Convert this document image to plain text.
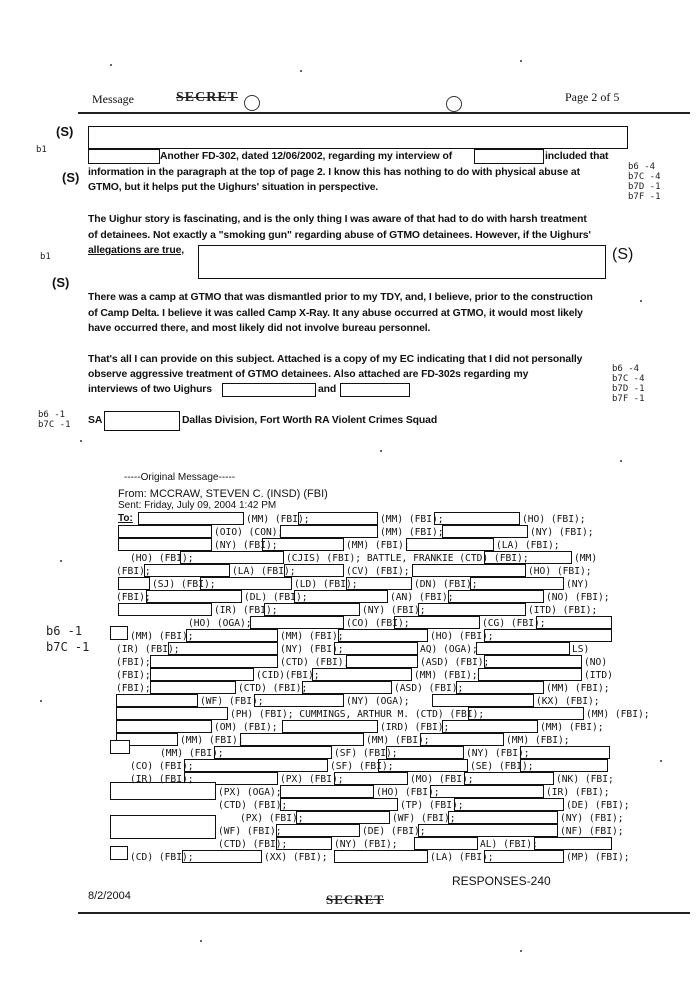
Message	SECRET	Page 2 of 5
(S)
b1
Another FD-302, dated 12/06/2002, regarding my interview of	included that
(S) information in the paragraph at the top of page 2. I know this has nothing to do with physical abuse at
GTMO, but it helps put the Uighurs' situation in perspective.
b6 -4
b7C -4
b7D -1
b7F -1
The Uighur story is fascinating, and is the only thing I was aware of that had to do with harsh treatment
of detainees. Not exactly a "smoking gun" regarding abuse of GTMO detainees. However, if the Uighurs'
allegations are true,
b1	(S)
(S)
There was a camp at GTMO that was dismantled prior to my TDY, and, I believe, prior to the construction
of Camp Delta. I believe it was called Camp X-Ray. It any abuse occurred at GTMO, it would most likely
have occurred there, and most likely did not involve bureau personnel.
That's all I can provide on this subject. Attached is a copy of my EC indicating that I did not personally
observe aggressive treatment of GTMO detainees. Also attached are FD-302s regarding my
interviews of two Uighurs	and
b6 -4
b7C -4
b7D -1
b7F -1
b6 -1
b7C -1 SA	Dallas Division, Fort Worth RA Violent Crimes Squad
-----Original Message-----
From: MCCRAW, STEVEN C. (INSD) (FBI)
Sent: Friday, July 09, 2004 1:42 PM
To:
b6 -1
b7C -1
(MM) (FBI);	(MM) (FBI);	(HO) (FBI);
(OIO) (CON);	(MM) (FBI);	(NY) (FBI);
(NY) (FBI);	(MM) (FBI);	(LA) (FBI);
(HO) (FBI);	(CJIS) (FBI); BATTLE, FRANKIE (CTD) (FBI);	(MM)
(FBI);	(LA) (FBI);	(CV) (FBI);	(HO) (FBI);
(SJ) (FBI);	(LD) (FBI);	(DN) (FBI);	(NY)
(FBI);	(DL) (FBI);	(AN) (FBI);	(NO) (FBI);
(IR) (FBI);	(NY) (FBI);	(ITD) (FBI);
(HO) (OGA);	(CO) (FBI);	(CG) (FBI);
(MM) (FBI);	(MM) (FBI);	(HO) (FBI);
(IR) (FBI);	(NY) (FBI);	AQ) (OGA);	LS)
(FBI);	(CTD) (FBI);	(ASD) (FBI);	(NO)
(FBI);	(CID)(FBI);	(MM) (FBI);	(ITD)
(FBI);	(CTD) (FBI);	(ASD) (FBI);	(MM) (FBI);
(WF) (FBI);	(NY) (OGA);	(KX) (FBI);
(PH) (FBI); CUMMINGS, ARTHUR M. (CTD) (FBI);	(MM) (FBI);
(OM) (FBI);	(IRD) (FBI);	(MM) (FBI);
(MM) (FBI);	(MM) (FBI);	(MM) (FBI);
(MM) (FBI);	(SF) (FBI);	(NY) (FBI);
(CO) (FBI);	(SF) (FBI);	(SE) (FBI);
(IR) (FBI);	(PX) (FBI);	(MO) (FBI);	(NK) (FBI;
(PX) (OGA);	(HO) (FBI);	(IR) (FBI);
(CTD) (FBI);	(TP) (FBI);	(DE) (FBI);
(PX) (FBI);	(WF) (FBI);	(NY) (FBI);
(WF) (FBI);	(DE) (FBI);	(NF) (FBI);
(CTD) (FBI);	(NY) (FBI);	AL) (FBI);
(CD) (FBI);	(XX) (FBI);	(LA) (FBI);	(MP) (FBI);
RESPONSES-240
8/2/2004	SECRET
